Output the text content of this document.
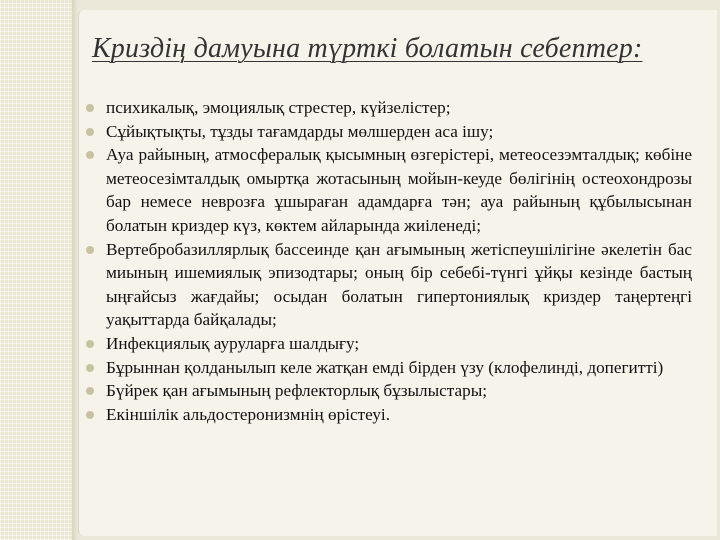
Криздің дамуына түрткі болатын себептер:
психикалық, эмоциялық стрестер, күйзелістер;
Сұйықтықты, тұзды тағамдарды мөлшерден аса ішу;
Ауа райының, атмосфералық қысымның өзгерістері, метеосезэмталдық; көбіне метеосезімталдық омыртқа жотасының мойын-кеуде бөлігінің остеохондрозы бар немесе неврозға ұшыраған адамдарға тән; ауа райының құбылысынан болатын криздер күз, көктем айларында жиіленеді;
Вертебробазиллярлық бассеинде қан ағымының жетіспеушілігіне әкелетін бас миының ишемиялық эпизодтары; оның бір себебі-түнгі ұйқы кезінде бастың ыңғайсыз жағдайы; осыдан болатын гипертониялық криздер таңертеңгі уақыттарда байқалады;
Инфекциялық ауруларға шалдығу;
Бұрыннан қолданылып келе жатқан емді бірден үзу (клофелинді, допегитті)
Бүйрек қан ағымының рефлекторлық бұзылыстары;
Екіншілік альдостеронизмнің өрістеуі.
